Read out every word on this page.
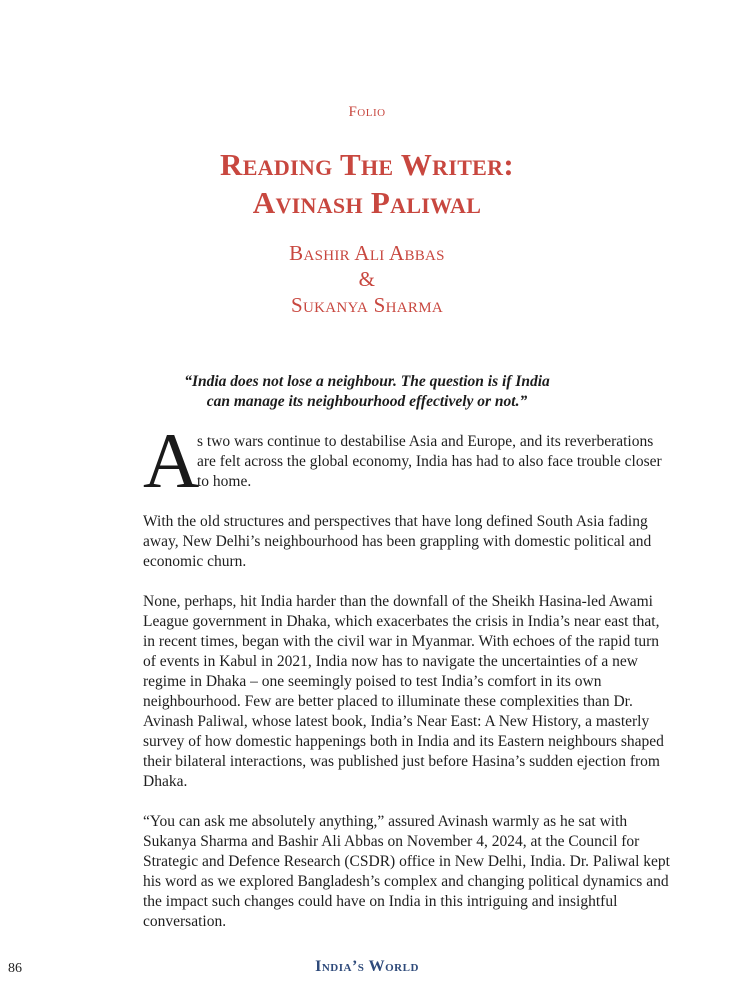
Folio
Reading The Writer:
Avinash Paliwal
Bashir Ali Abbas
&
Sukanya Sharma
“India does not lose a neighbour. The question is if India
can manage its neighbourhood effectively or not.”

A
s two wars continue to destabilise Asia and Europe, and its reverberations are felt across the global economy, India has had to also face trouble closer to home.

With the old structures and perspectives that have long defined South Asia fading away, New Delhi’s neighbourhood has been grappling with domestic political and economic churn.

None, perhaps, hit India harder than the downfall of the Sheikh Hasina-led Awami League government in Dhaka, which exacerbates the crisis in India’s near east that, in recent times, began with the civil war in Myanmar. With echoes of the rapid turn of events in Kabul in 2021, India now has to navigate the uncertainties of a new regime in Dhaka – one seemingly poised to test India’s comfort in its own neighbourhood. Few are better placed to illuminate these complexities than Dr. Avinash Paliwal, whose latest book, India’s Near East: A New History, a masterly survey of how domestic happenings both in India and its Eastern neighbours shaped their bilateral interactions, was published just before Hasina’s sudden ejection from Dhaka.

“You can ask me absolutely anything,” assured Avinash warmly as he sat with Sukanya Sharma and Bashir Ali Abbas on November 4, 2024, at the Council for Strategic and Defence Research (CSDR) office in New Delhi, India. Dr. Paliwal kept his word as we explored Bangladesh’s complex and changing political dynamics and the impact such changes could have on India in this intriguing and insightful conversation.

86	India’s World
